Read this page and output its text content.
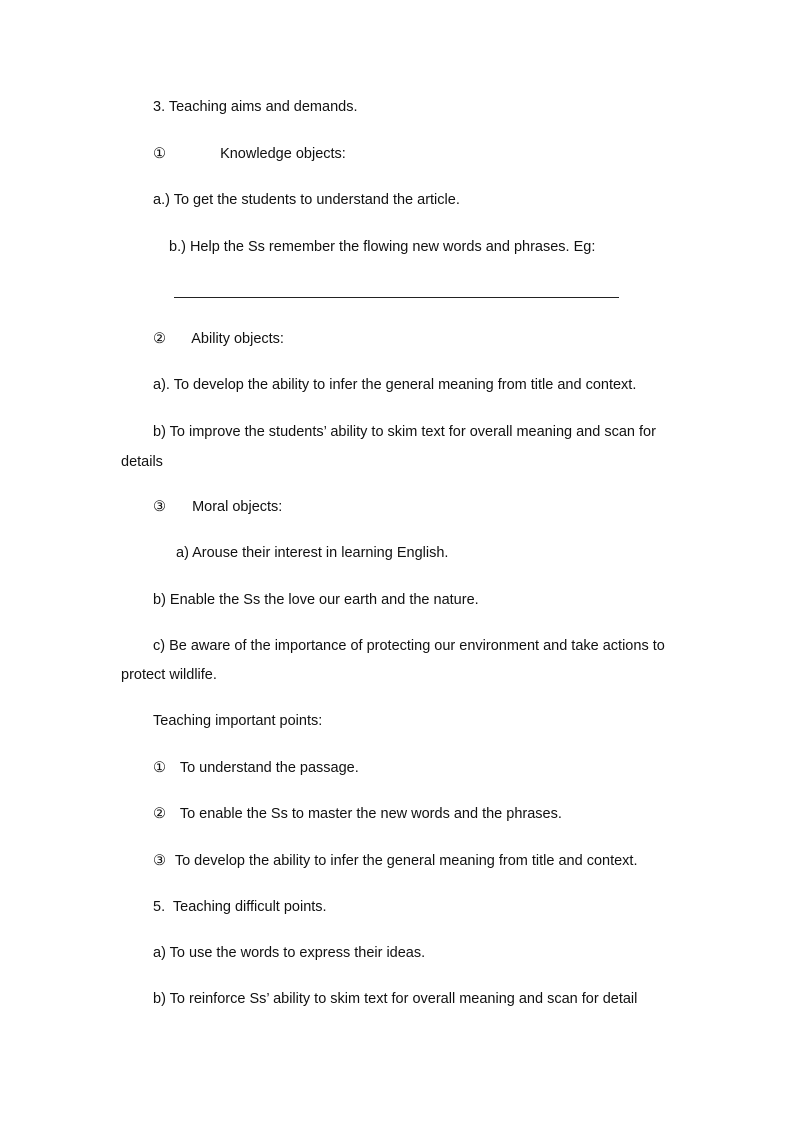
3. Teaching aims and demands.
①	Knowledge objects:
a.) To get the students to understand the article.
b.) Help the Ss remember the flowing new words and phrases. Eg:
② Ability objects:
a). To develop the ability to infer the general meaning from title and context.
b) To improve the students’ ability to skim text for overall meaning and scan for
details
③ Moral objects:
a) Arouse their interest in learning English.
b) Enable the Ss the love our earth and the nature.
c) Be aware of the importance of protecting our environment and take actions to
protect wildlife.
Teaching important points:
① To understand the passage.
② To enable the Ss to master the new words and the phrases.
③ To develop the ability to infer the general meaning from title and context.
5.  Teaching difficult points.
a) To use the words to express their ideas.
b) To reinforce Ss’ ability to skim text for overall meaning and scan for detail
